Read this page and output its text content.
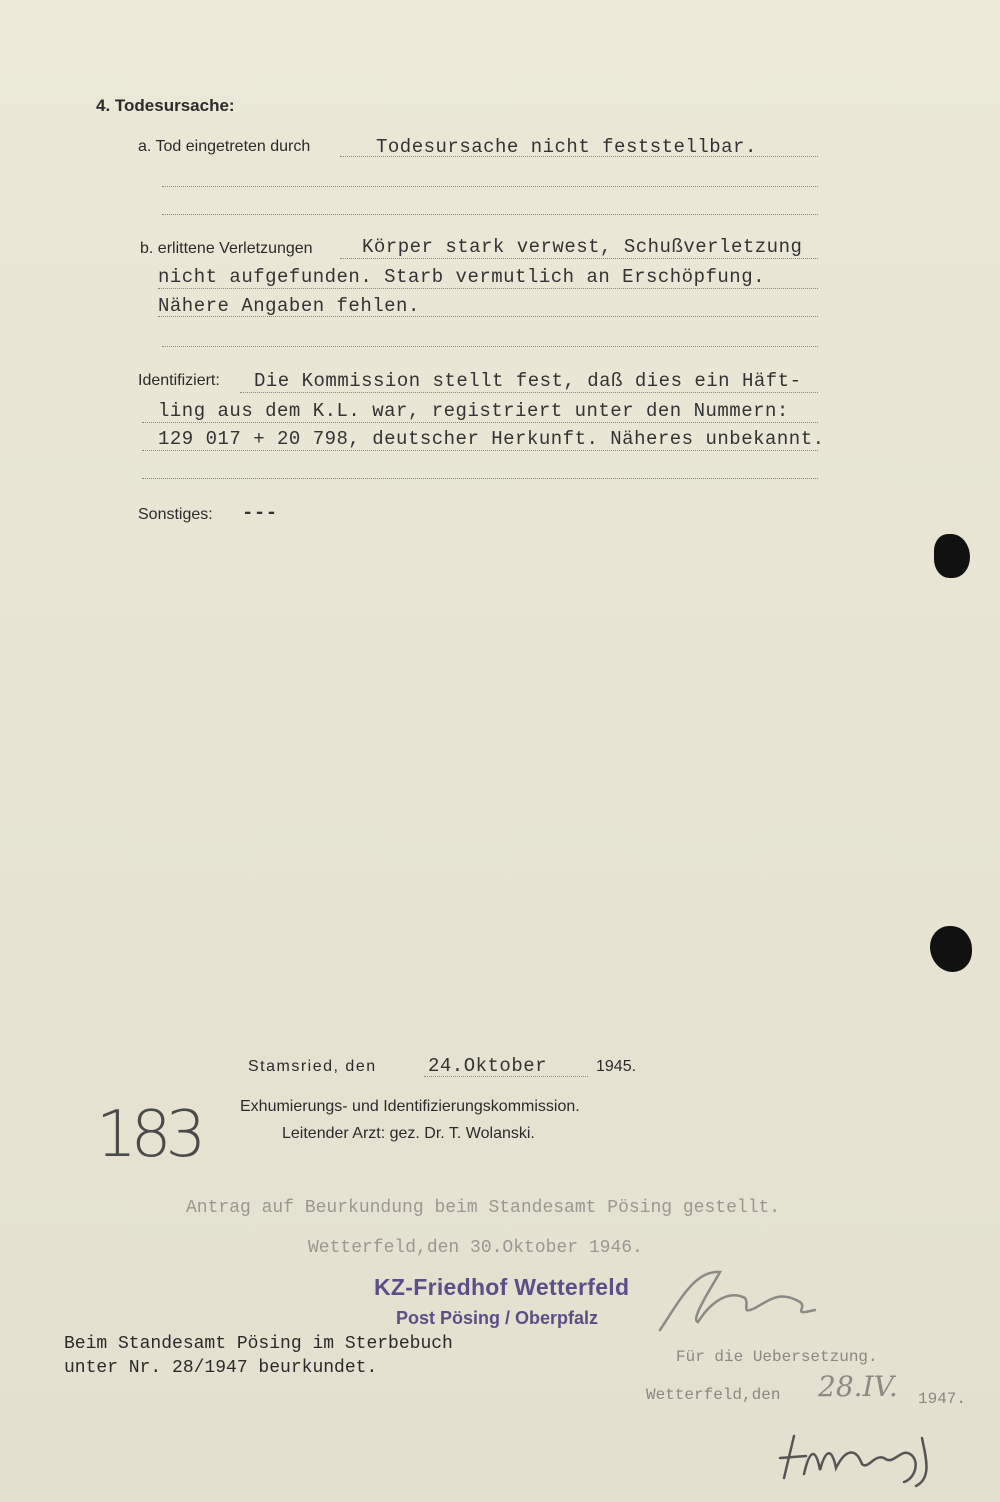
4. Todesursache:
a. Tod eingetreten durch	Todesursache nicht feststellbar.
b. erlittene Verletzungen	Körper stark verwest, Schußverletzung
nicht aufgefunden. Starb vermutlich an Erschöpfung.
Nähere Angaben fehlen.
Identifiziert: Die Kommission stellt fest, daß dies ein Häft-
ling aus dem K.L. war, registriert unter den Nummern:
129 017 + 20 798, deutscher Herkunft. Näheres unbekannt.
Sonstiges: ---
Stamsried, den	24.Oktober	1945.
Exhumierungs- und Identifizierungskommission.
Leitender Arzt: gez. Dr. T. Wolanski.
183
Antrag auf Beurkundung beim Standesamt Pösing gestellt.
Wetterfeld,den 30.Oktober 1946.
KZ-Friedhof Wetterfeld
Post Pösing / Oberpfalz
Beim Standesamt Pösing im Sterbebuch
unter Nr. 28/1947 beurkundet.
Für die Uebersetzung.
Wetterfeld,den 28.IV. 1947.
